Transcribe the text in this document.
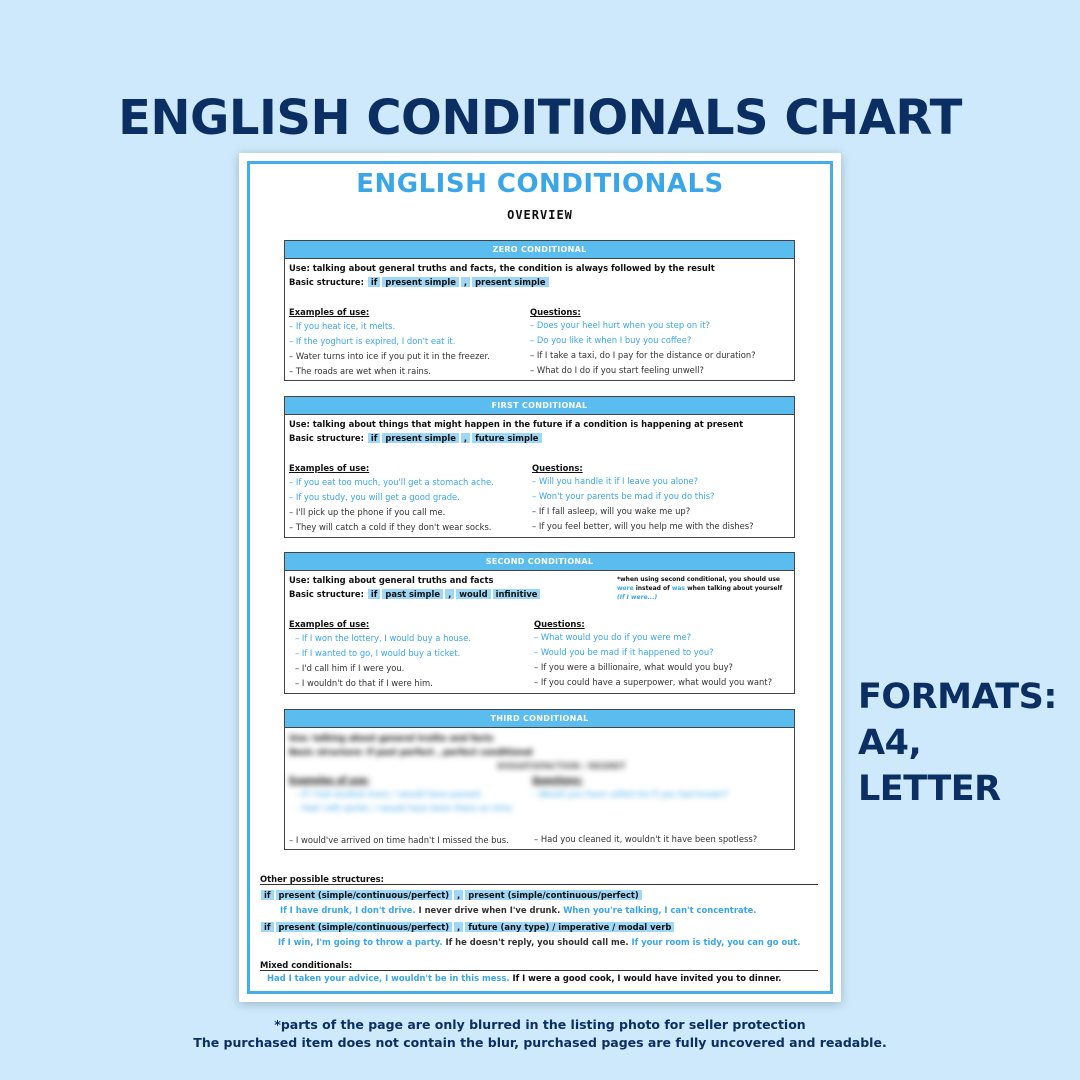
ENGLISH CONDITIONALS CHART
ENGLISH CONDITIONALS
OVERVIEW
ZERO CONDITIONAL
Use: talking about general truths and facts, the condition is always followed by the result
Basic structure: if present simple , present simple
Examples of use:
– If you heat ice, it melts.
– If the yoghurt is expired, I don't eat it.
– Water turns into ice if you put it in the freezer.
– The roads are wet when it rains.
Questions:
– Does your heel hurt when you step on it?
– Do you like it when I buy you coffee?
– If I take a taxi, do I pay for the distance or duration?
– What do I do if you start feeling unwell?
FIRST CONDITIONAL
Use: talking about things that might happen in the future if a condition is happening at present
Basic structure: if present simple , future simple
Examples of use:
– If you eat too much, you'll get a stomach ache.
– If you study, you will get a good grade.
– I'll pick up the phone if you call me.
– They will catch a cold if they don't wear socks.
Questions:
– Will you handle it if I leave you alone?
– Won't your parents be mad if you do this?
– If I fall asleep, will you wake me up?
– If you feel better, will you help me with the dishes?
SECOND CONDITIONAL
Use: talking about general truths and facts
Basic structure: if past simple , would infinitive
*when using second conditional, you should use
were instead of was when talking about yourself
(If I were...)
Examples of use:
– If I won the lottery, I would buy a house.
– If I wanted to go, I would buy a ticket.
– I'd call him if I were you.
– I wouldn't do that if I were him.
Questions:
– What would you do if you were me?
– Would you be mad if it happened to you?
– If you were a billionaire, what would you buy?
– If you could have a superpower, what would you want?
THIRD CONDITIONAL
Use: talking about general truths and facts
Basic structure: if past perfect , perfect conditional
DISSATISFACTION / REGRET
Examples of use:	Questions:
– If I had studied more, I would have passed.
– Had I left earlier, I would have been there on time.
– Would you have called me if you had known?
– I would've arrived on time hadn't I missed the bus.	– Had you cleaned it, wouldn't it have been spotless?
Other possible structures:
if present (simple/continuous/perfect) , present (simple/continuous/perfect)
If I have drunk, I don't drive. I never drive when I've drunk. When you're talking, I can't concentrate.
if present (simple/continuous/perfect) , future (any type) / imperative / modal verb
If I win, I'm going to throw a party. If he doesn't reply, you should call me. If your room is tidy, you can go out.
Mixed conditionals:
Had I taken your advice, I wouldn't be in this mess. If I were a good cook, I would have invited you to dinner.
FORMATS:
A4, LETTER
*parts of the page are only blurred in the listing photo for seller protection
The purchased item does not contain the blur, purchased pages are fully uncovered and readable.
